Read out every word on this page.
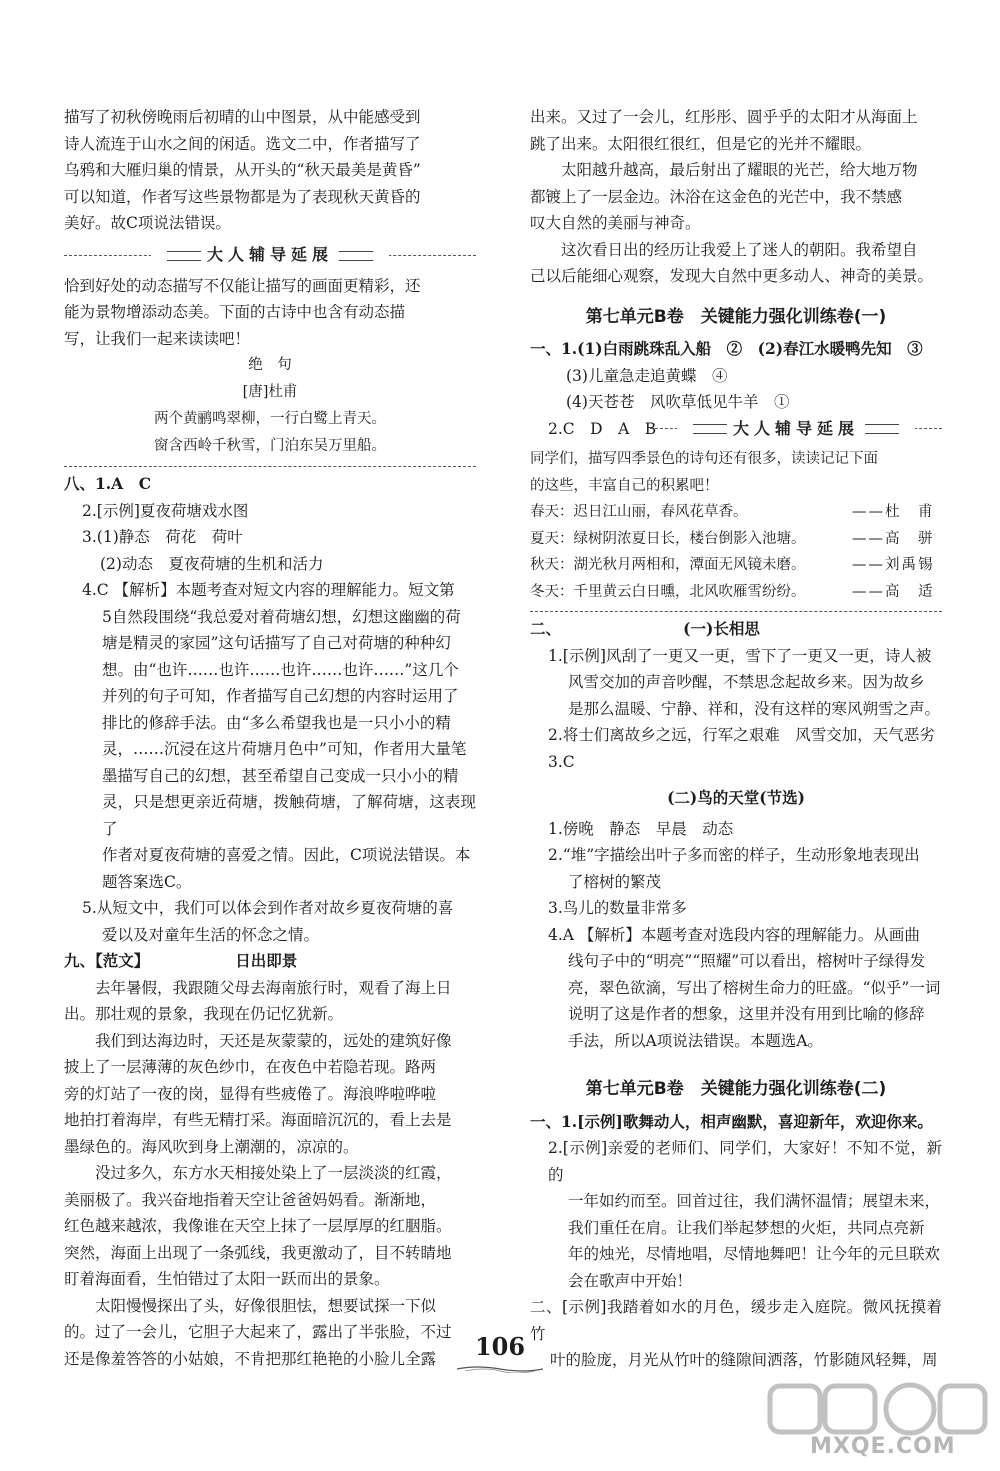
描写了初秋傍晚雨后初晴的山中图景，从中能感受到

诗人流连于山水之间的闲适。选文二中，作者描写了

乌鸦和大雁归巢的情景，从开头的“秋天最美是黄昏”

可以知道，作者写这些景物都是为了表现秋天黄昏的

美好。故C项说法错误。

大人辅导延展

恰到好处的动态描写不仅能让描写的画面更精彩，还

能为景物增添动态美。下面的古诗中也含有动态描

写，让我们一起来读读吧！

绝　句
[唐]杜甫
两个黄鹂鸣翠柳，一行白鹭上青天。
窗含西岭千秋雪，门泊东吴万里船。

八、1.A　C

2.[示例]夏夜荷塘戏水图

3.(1)静态　荷花　荷叶

(2)动态　夏夜荷塘的生机和活力

4.C 【解析】本题考查对短文内容的理解能力。短文第

5自然段围绕“我总爱对着荷塘幻想，幻想这幽幽的荷

塘是精灵的家园”这句话描写了自己对荷塘的种种幻

想。由“也许……也许……也许……也许……”这几个

并列的句子可知，作者描写自己幻想的内容时运用了

排比的修辞手法。由“多么希望我也是一只小小的精

灵，……沉浸在这片荷塘月色中”可知，作者用大量笔

墨描写自己的幻想，甚至希望自己变成一只小小的精

灵，只是想更亲近荷塘，拨触荷塘，了解荷塘，这表现了

作者对夏夜荷塘的喜爱之情。因此，C项说法错误。本

题答案选C。

5.从短文中，我们可以体会到作者对故乡夏夜荷塘的喜

爱以及对童年生活的怀念之情。

九、【范文】	日出即景

去年暑假，我跟随父母去海南旅行时，观看了海上日

出。那壮观的景象，我现在仍记忆犹新。

我们到达海边时，天还是灰蒙蒙的，远处的建筑好像

披上了一层薄薄的灰色纱巾，在夜色中若隐若现。路两

旁的灯站了一夜的岗，显得有些疲倦了。海浪哗啦哗啦

地拍打着海岸，有些无精打采。海面暗沉沉的，看上去是

墨绿色的。海风吹到身上潮潮的，凉凉的。

没过多久，东方水天相接处染上了一层淡淡的红霞，

美丽极了。我兴奋地指着天空让爸爸妈妈看。渐渐地，

红色越来越浓，我像谁在天空上抹了一层厚厚的红胭脂。

突然，海面上出现了一条弧线，我更激动了，目不转睛地

盯着海面看，生怕错过了太阳一跃而出的景象。

太阳慢慢探出了头，好像很胆怯，想要试探一下似

的。过了一会儿，它胆子大起来了，露出了半张脸，不过

还是像羞答答的小姑娘，不肯把那红艳艳的小脸儿全露

出来。又过了一会儿，红彤彤、圆乎乎的太阳才从海面上

跳了出来。太阳很红很红，但是它的光并不耀眼。

太阳越升越高，最后射出了耀眼的光芒，给大地万物

都镀上了一层金边。沐浴在这金色的光芒中，我不禁感

叹大自然的美丽与神奇。

这次看日出的经历让我爱上了迷人的朝阳。我希望自

己以后能细心观察，发现大自然中更多动人、神奇的美景。

第七单元B卷　关键能力强化训练卷(一)

一、1.(1)白雨跳珠乱入船　②　(2)春江水暖鸭先知　③

(3)儿童急走追黄蝶　④

(4)天苍苍　风吹草低见牛羊　①

2.C　D　A　B	大人辅导延展

同学们，描写四季景色的诗句还有很多，读读记记下面

的这些，丰富自己的积累吧！

春天：迟日江山丽，春风花草香。	——杜　甫
夏天：绿树阴浓夏日长，楼台倒影入池塘。	——高　骈
秋天：湖光秋月两相和，潭面无风镜未磨。	——刘禹锡
冬天：千里黄云白日曛，北风吹雁雪纷纷。	——高　适
二、	(一)长相思

1.[示例]风刮了一更又一更，雪下了一更又一更，诗人被

风雪交加的声音吵醒，不禁思念起故乡来。因为故乡

是那么温暖、宁静、祥和，没有这样的寒风朔雪之声。

2.将士们离故乡之远，行军之艰难　风雪交加，天气恶劣

3.C

(二)鸟的天堂(节选)

1.傍晚　静态　早晨　动态

2.“堆”字描绘出叶子多而密的样子，生动形象地表现出

了榕树的繁茂

3.鸟儿的数量非常多

4.A 【解析】本题考查对选段内容的理解能力。从画曲

线句子中的“明亮”“照耀”可以看出，榕树叶子绿得发

亮，翠色欲滴，写出了榕树生命力的旺盛。“似乎”一词

说明了这是作者的想象，这里并没有用到比喻的修辞

手法，所以A项说法错误。本题选A。

第七单元B卷　关键能力强化训练卷(二)

一、1.[示例]歌舞动人，相声幽默，喜迎新年，欢迎你来。

2.[示例]亲爱的老师们、同学们，大家好！不知不觉，新的

一年如约而至。回首过往，我们满怀温情；展望未来，

我们重任在肩。让我们举起梦想的火炬，共同点亮新

年的烛光，尽情地唱，尽情地舞吧！让今年的元旦联欢

会在歌声中开始！

二、[示例]我踏着如水的月色，缓步走入庭院。微风抚摸着竹

叶的脸庞，月光从竹叶的缝隙间洒落，竹影随风轻舞，周

106
MXQE.COM
